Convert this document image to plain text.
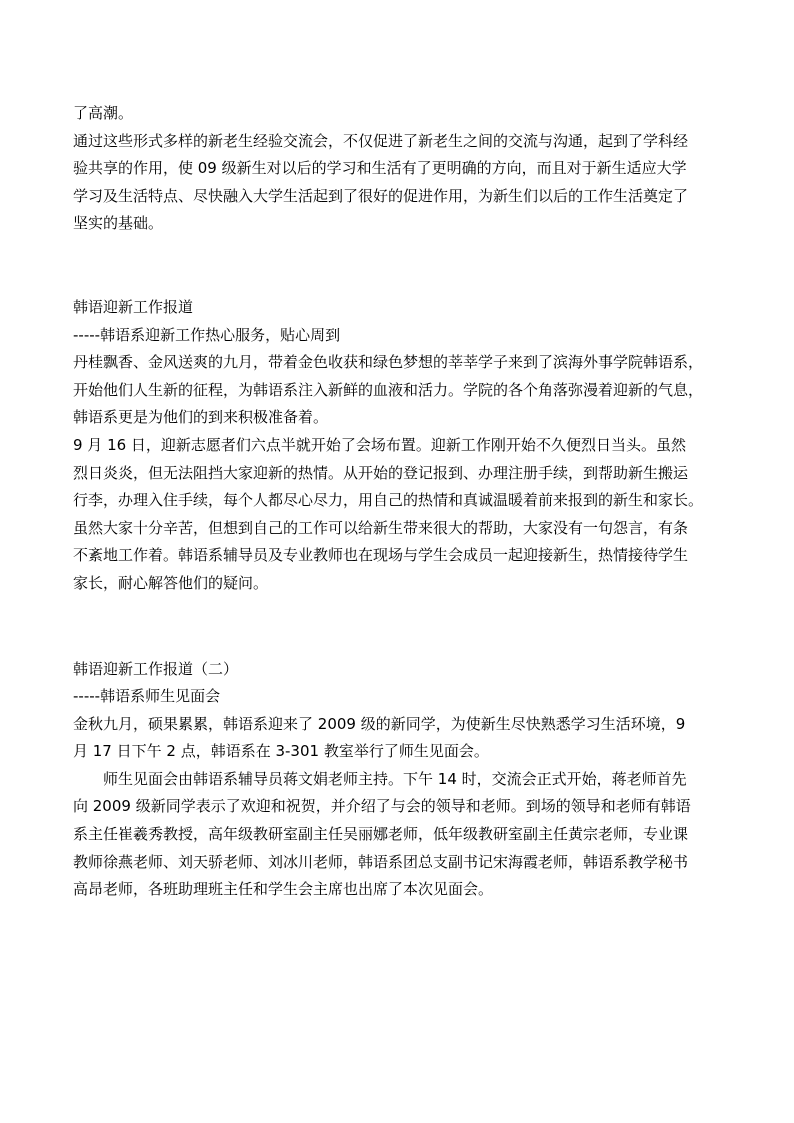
了高潮。
通过这些形式多样的新老生经验交流会，不仅促进了新老生之间的交流与沟通，起到了学科经
验共享的作用，使 09 级新生对以后的学习和生活有了更明确的方向，而且对于新生适应大学
学习及生活特点、尽快融入大学生活起到了很好的促进作用，为新生们以后的工作生活奠定了
坚实的基础。
韩语迎新工作报道
-----韩语系迎新工作热心服务，贴心周到
丹桂飘香、金风送爽的九月，带着金色收获和绿色梦想的莘莘学子来到了滨海外事学院韩语系，
开始他们人生新的征程，为韩语系注入新鲜的血液和活力。学院的各个角落弥漫着迎新的气息，
韩语系更是为他们的到来积极准备着。
9 月 16 日，迎新志愿者们六点半就开始了会场布置。迎新工作刚开始不久便烈日当头。虽然
烈日炎炎，但无法阻挡大家迎新的热情。从开始的登记报到、办理注册手续，到帮助新生搬运
行李，办理入住手续，每个人都尽心尽力，用自己的热情和真诚温暖着前来报到的新生和家长。
虽然大家十分辛苦，但想到自己的工作可以给新生带来很大的帮助，大家没有一句怨言，有条
不紊地工作着。韩语系辅导员及专业教师也在现场与学生会成员一起迎接新生，热情接待学生
家长，耐心解答他们的疑问。
韩语迎新工作报道（二）
-----韩语系师生见面会
金秋九月，硕果累累，韩语系迎来了 2009 级的新同学，为使新生尽快熟悉学习生活环境，9
月 17 日下午 2 点，韩语系在 3-301 教室举行了师生见面会。
师生见面会由韩语系辅导员蒋文娟老师主持。下午 14 时，交流会正式开始，蒋老师首先
向 2009 级新同学表示了欢迎和祝贺，并介绍了与会的领导和老师。到场的领导和老师有韩语
系主任崔羲秀教授，高年级教研室副主任吴丽娜老师，低年级教研室副主任黄宗老师，专业课
教师徐燕老师、刘天骄老师、刘冰川老师，韩语系团总支副书记宋海霞老师，韩语系教学秘书
高昂老师，各班助理班主任和学生会主席也出席了本次见面会。
